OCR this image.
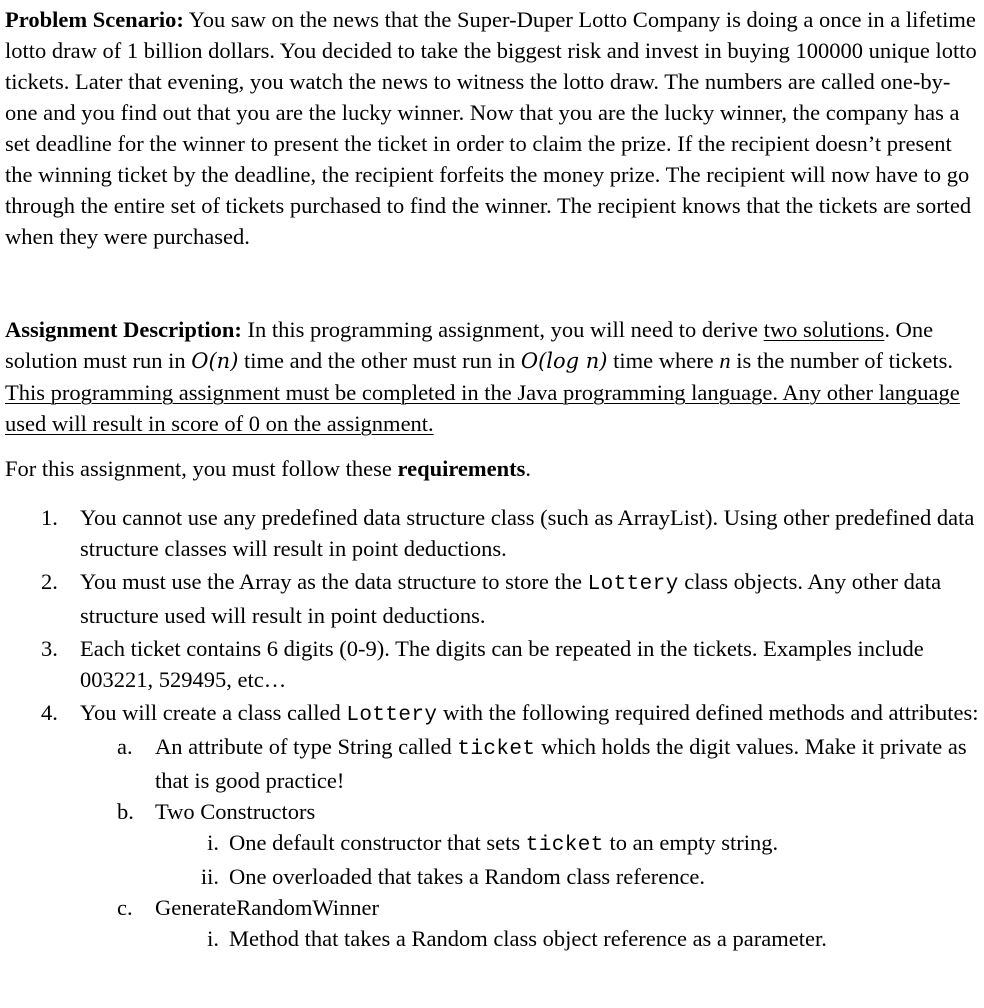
Problem Scenario: You saw on the news that the Super-Duper Lotto Company is doing a once in a lifetime lotto draw of 1 billion dollars. You decided to take the biggest risk and invest in buying 100000 unique lotto tickets. Later that evening, you watch the news to witness the lotto draw. The numbers are called one-by-one and you find out that you are the lucky winner. Now that you are the lucky winner, the company has a set deadline for the winner to present the ticket in order to claim the prize. If the recipient doesn’t present the winning ticket by the deadline, the recipient forfeits the money prize. The recipient will now have to go through the entire set of tickets purchased to find the winner. The recipient knows that the tickets are sorted when they were purchased.

Assignment Description: In this programming assignment, you will need to derive two solutions. One solution must run in O(n) time and the other must run in O(log n) time where n is the number of tickets. This programming assignment must be completed in the Java programming language. Any other language used will result in score of 0 on the assignment.

For this assignment, you must follow these requirements.

1. You cannot use any predefined data structure class (such as ArrayList). Using other predefined data structure classes will result in point deductions.
2. You must use the Array as the data structure to store the Lottery class objects. Any other data structure used will result in point deductions.
3. Each ticket contains 6 digits (0-9). The digits can be repeated in the tickets. Examples include 003221, 529495, etc…
4. You will create a class called Lottery with the following required defined methods and attributes:
a. An attribute of type String called ticket which holds the digit values. Make it private as that is good practice!
b. Two Constructors
i. One default constructor that sets ticket to an empty string.
ii. One overloaded that takes a Random class reference.
c. GenerateRandomWinner
i. Method that takes a Random class object reference as a parameter.
